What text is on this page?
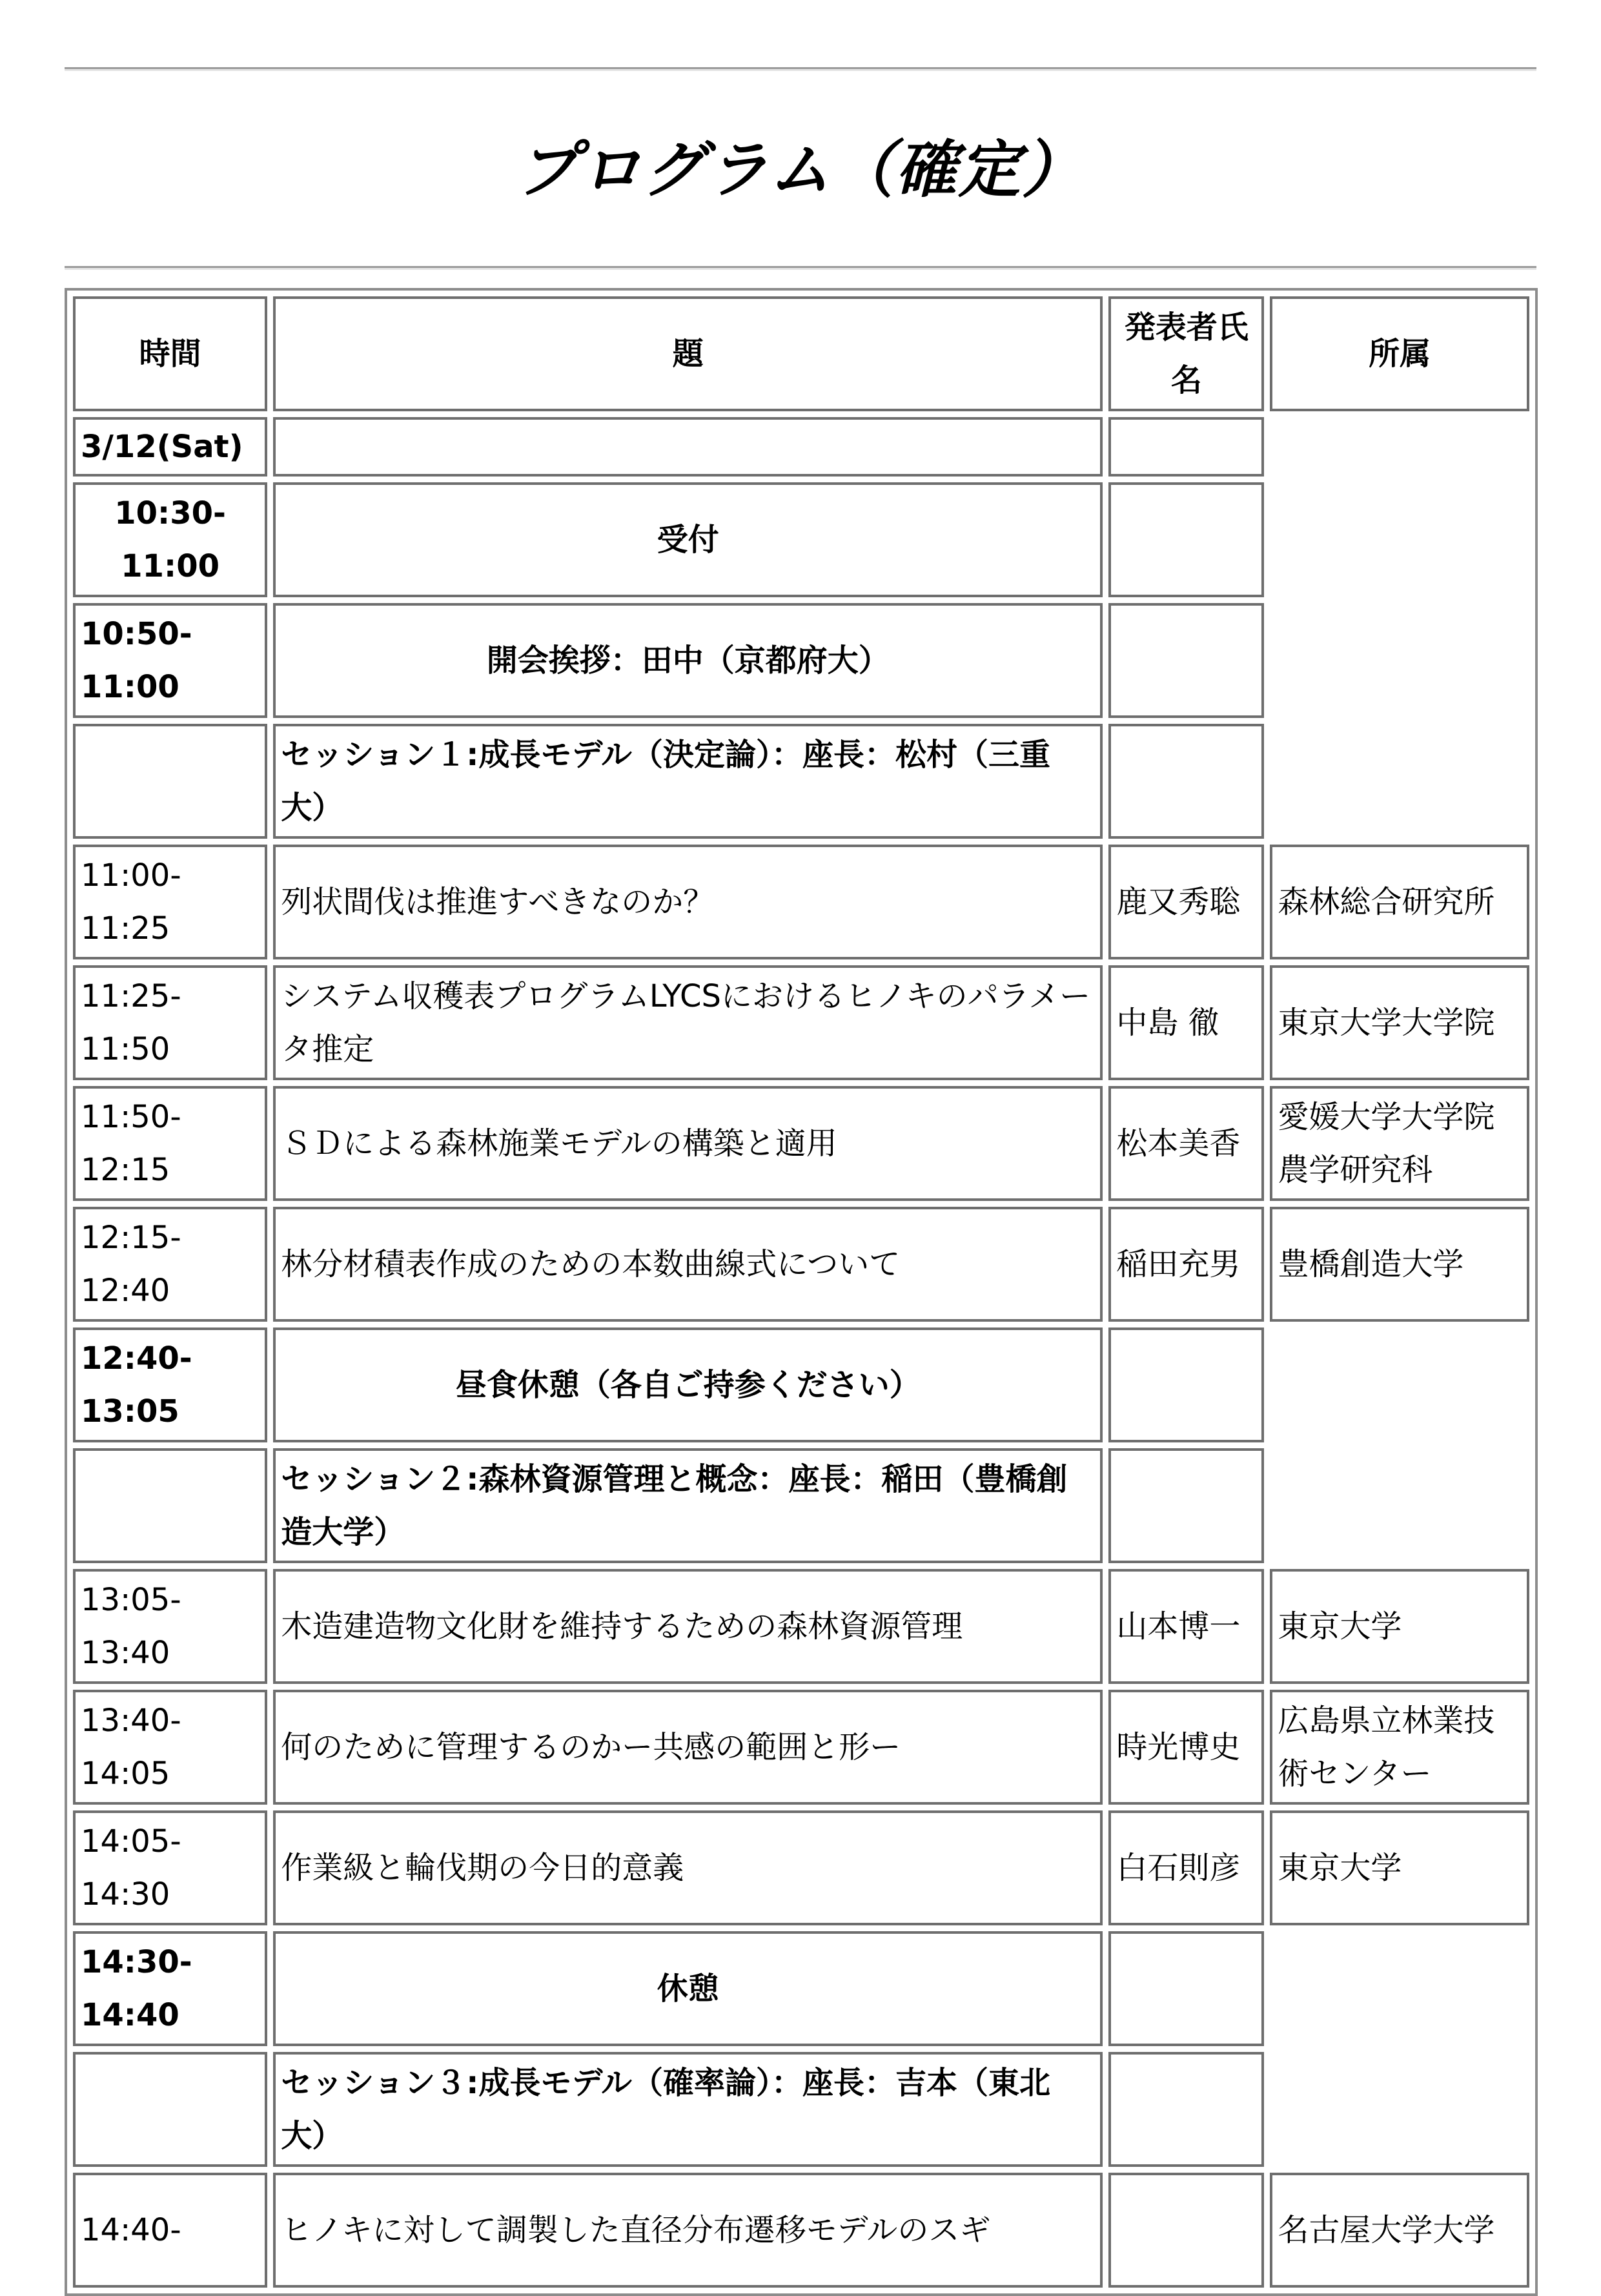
プログラム（確定）
時間	題	発表者氏名	所属
3/12(Sat)			
10:30-11:00	受付		
10:50-11:00	開会挨拶：田中（京都府大）		
	セッション１:成長モデル（決定論）：座長：松村（三重大）		
11:00-11:25	列状間伐は推進すべきなのか？	鹿又秀聡	森林総合研究所
11:25-11:50	システム収穫表プログラムLYCSにおけるヒノキのパラメータ推定	中島 徹	東京大学大学院
11:50-12:15	ＳＤによる森林施業モデルの構築と適用	松本美香	愛媛大学大学院農学研究科
12:15-12:40	林分材積表作成のための本数曲線式について	稲田充男	豊橋創造大学
12:40-13:05	昼食休憩（各自ご持参ください）		
	セッション２:森林資源管理と概念：座長：稲田（豊橋創造大学）		
13:05-13:40	木造建造物文化財を維持するための森林資源管理	山本博一	東京大学
13:40-14:05	何のために管理するのかー共感の範囲と形ー	時光博史	広島県立林業技術センター
14:05-14:30	作業級と輪伐期の今日的意義	白石則彦	東京大学
14:30-14:40	休憩		
	セッション３:成長モデル（確率論）：座長：吉本（東北大）		
14:40-	ヒノキに対して調製した直径分布遷移モデルのスギ		名古屋大学大学
